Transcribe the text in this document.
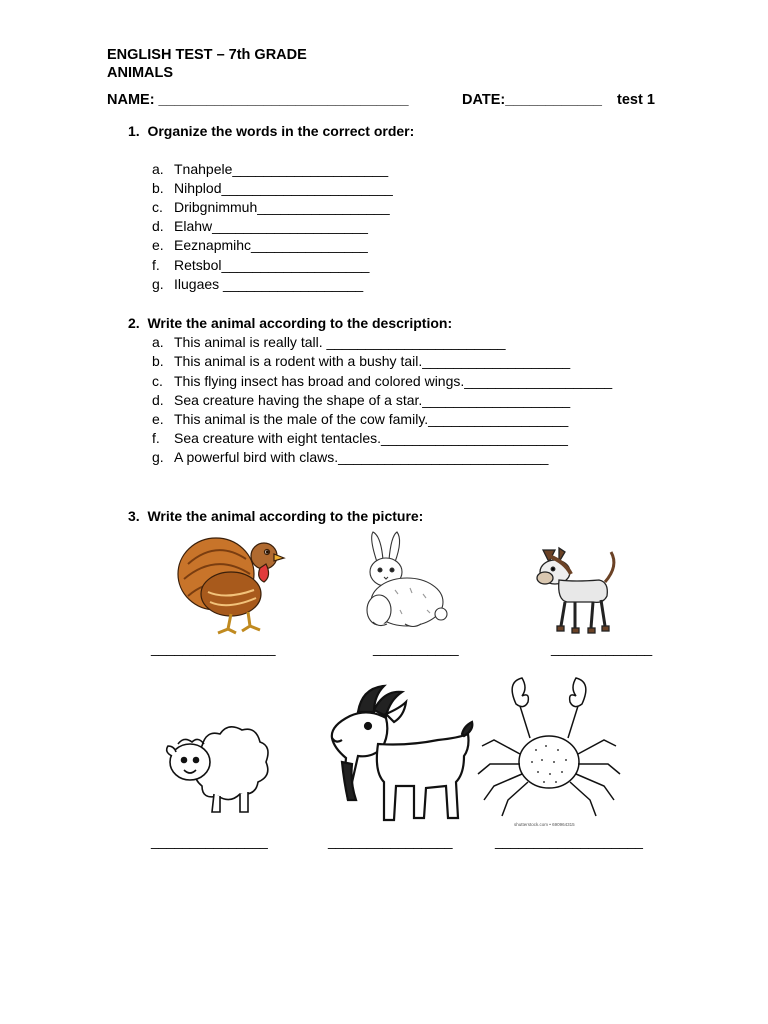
ENGLISH TEST – 7th GRADE
ANIMALS
NAME: _______________________________	DATE:____________ test 1
1.  Organize the words in the correct order:
a. Tnahpele____________________
b. Nihplod______________________
c. Dribgnimmuh_________________
d. Elahw____________________
e. Eeznapmihc_______________
f. Retsbol___________________
g. Ilugaes __________________
2.  Write the animal according to the description:
a. This animal is really tall. _______________________
b. This animal is a rodent with a bushy tail.___________________
c. This flying insect has broad and colored wings.___________________
d. Sea creature having the shape of a star.___________________
e. This animal is the male of the cow family.__________________
f. Sea creature with eight tentacles.________________________
g. A powerful bird with claws.___________________________
3.  Write the animal according to the picture:
________________	___________	_____________
shutterstock.com • 690964315
_______________	________________	___________________
